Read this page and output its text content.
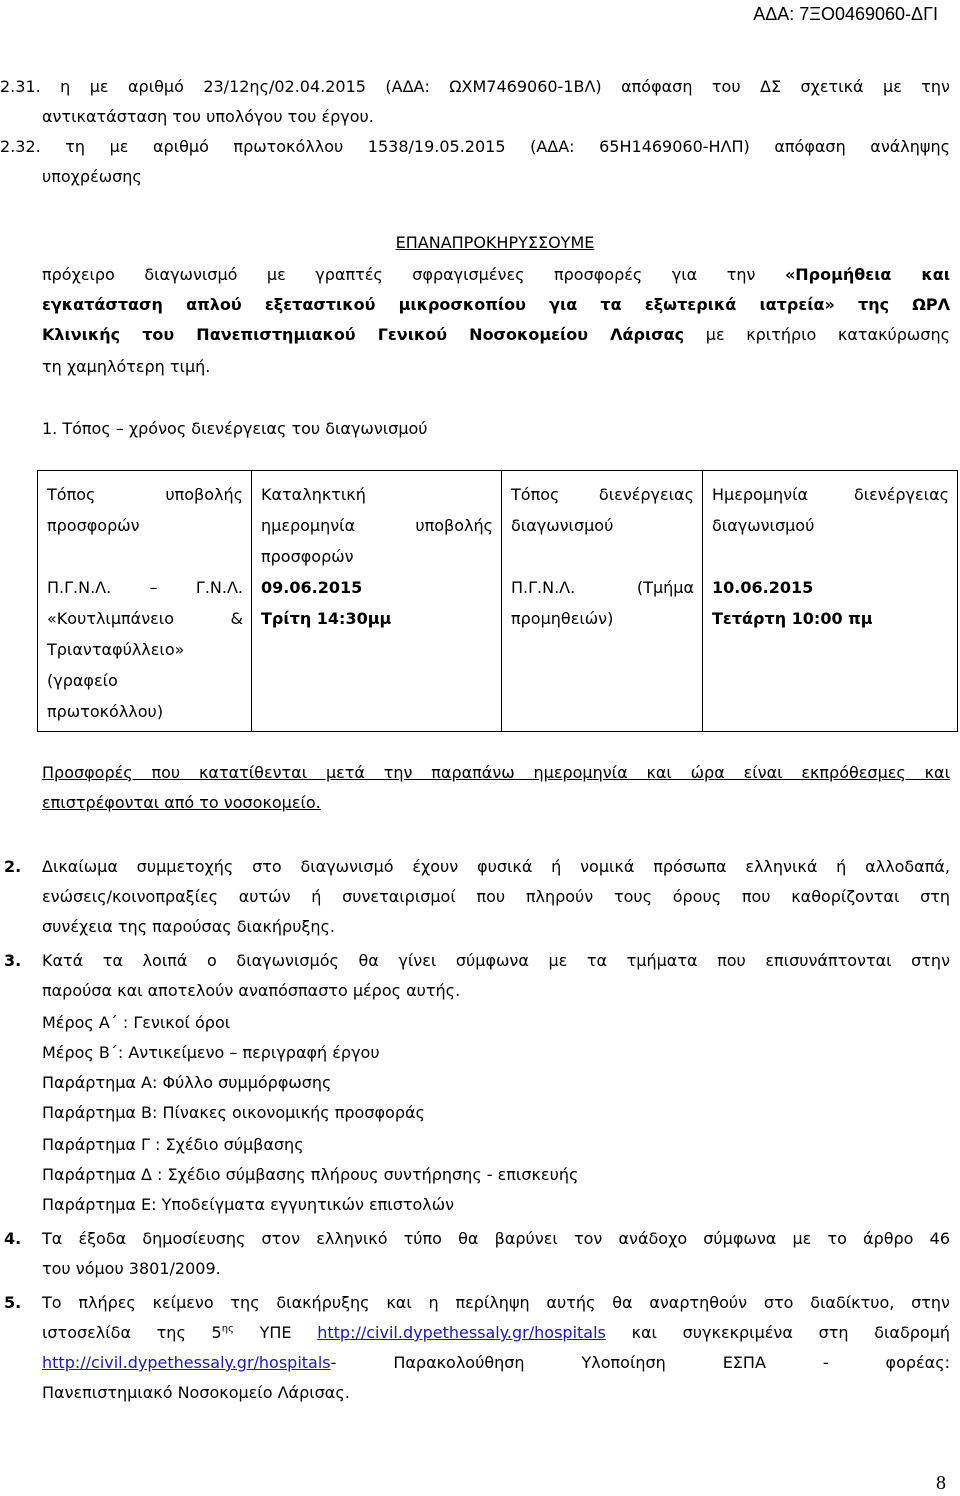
ΑΔΑ: 7ΞΟ0469060-ΔΓΙ
2.31. η με αριθμό 23/12ης/02.04.2015 (ΑΔΑ: ΩΧΜ7469060-1ΒΛ) απόφαση του ΔΣ σχετικά με την
αντικατάσταση του υπολόγου του έργου.
2.32. τη με αριθμό πρωτοκόλλου 1538/19.05.2015 (ΑΔΑ: 65Η1469060-ΗΛΠ) απόφαση ανάληψης
υποχρέωσης
ΕΠΑΝΑΠΡΟΚΗΡΥΣΣΟΥΜΕ
πρόχειρο διαγωνισμό με γραπτές σφραγισμένες προσφορές για την «Προμήθεια και
εγκατάσταση απλού εξεταστικού μικροσκοπίου για τα εξωτερικά ιατρεία» της ΩΡΛ
Κλινικής του Πανεπιστημιακού Γενικού Νοσοκομείου Λάρισας με κριτήριο κατακύρωσης
τη χαμηλότερη τιμή.
1. Τόπος – χρόνος διενέργειας του διαγωνισμού
Τόπος υποβολής
προσφορών	Καταληκτική
ημερομηνία υποβολής
προσφορών	Τόπος διενέργειας
διαγωνισμού	Ημερομηνία διενέργειας
διαγωνισμού

Π.Γ.Ν.Λ. – Γ.Ν.Λ.
«Κουτλιμπάνειο &
Τριανταφύλλειο»
(γραφείο
πρωτοκόλλου)	09.06.2015
Τρίτη 14:30μμ	Π.Γ.Ν.Λ. (Τμήμα
προμηθειών)	10.06.2015
Τετάρτη 10:00 πμ
Προσφορές που κατατίθενται μετά την παραπάνω ημερομηνία και ώρα είναι εκπρόθεσμες και
επιστρέφονται από το νοσοκομείο.
2. Δικαίωμα συμμετοχής στο διαγωνισμό έχουν φυσικά ή νομικά πρόσωπα ελληνικά ή αλλοδαπά,
ενώσεις/κοινοπραξίες αυτών ή συνεταιρισμοί που πληρούν τους όρους που καθορίζονται στη
συνέχεια της παρούσας διακήρυξης.
3. Κατά τα λοιπά ο διαγωνισμός θα γίνει σύμφωνα με τα τμήματα που επισυνάπτονται στην
παρούσα και αποτελούν αναπόσπαστο μέρος αυτής.
Μέρος Α΄ : Γενικοί όροι
Μέρος Β΄: Αντικείμενο – περιγραφή έργου
Παράρτημα Α: Φύλλο συμμόρφωσης
Παράρτημα Β: Πίνακες οικονομικής προσφοράς
Παράρτημα Γ : Σχέδιο σύμβασης
Παράρτημα Δ : Σχέδιο σύμβασης πλήρους συντήρησης - επισκευής
Παράρτημα Ε: Υποδείγματα εγγυητικών επιστολών
4. Τα έξοδα δημοσίευσης στον ελληνικό τύπο θα βαρύνει τον ανάδοχο σύμφωνα με το άρθρο 46
του νόμου 3801/2009.
5. Το πλήρες κείμενο της διακήρυξης και η περίληψη αυτής θα αναρτηθούν στο διαδίκτυο, στην
ιστοσελίδα της $5^{\eta\varsigma}$ ΥΠΕ http://civil.dypethessaly.gr/hospitals και συγκεκριμένα στη διαδρομή
http://civil.dypethessaly.gr/hospitals- Παρακολούθηση Υλοποίηση ΕΣΠΑ - φορέας:
Πανεπιστημιακό Νοσοκομείο Λάρισας.
8
